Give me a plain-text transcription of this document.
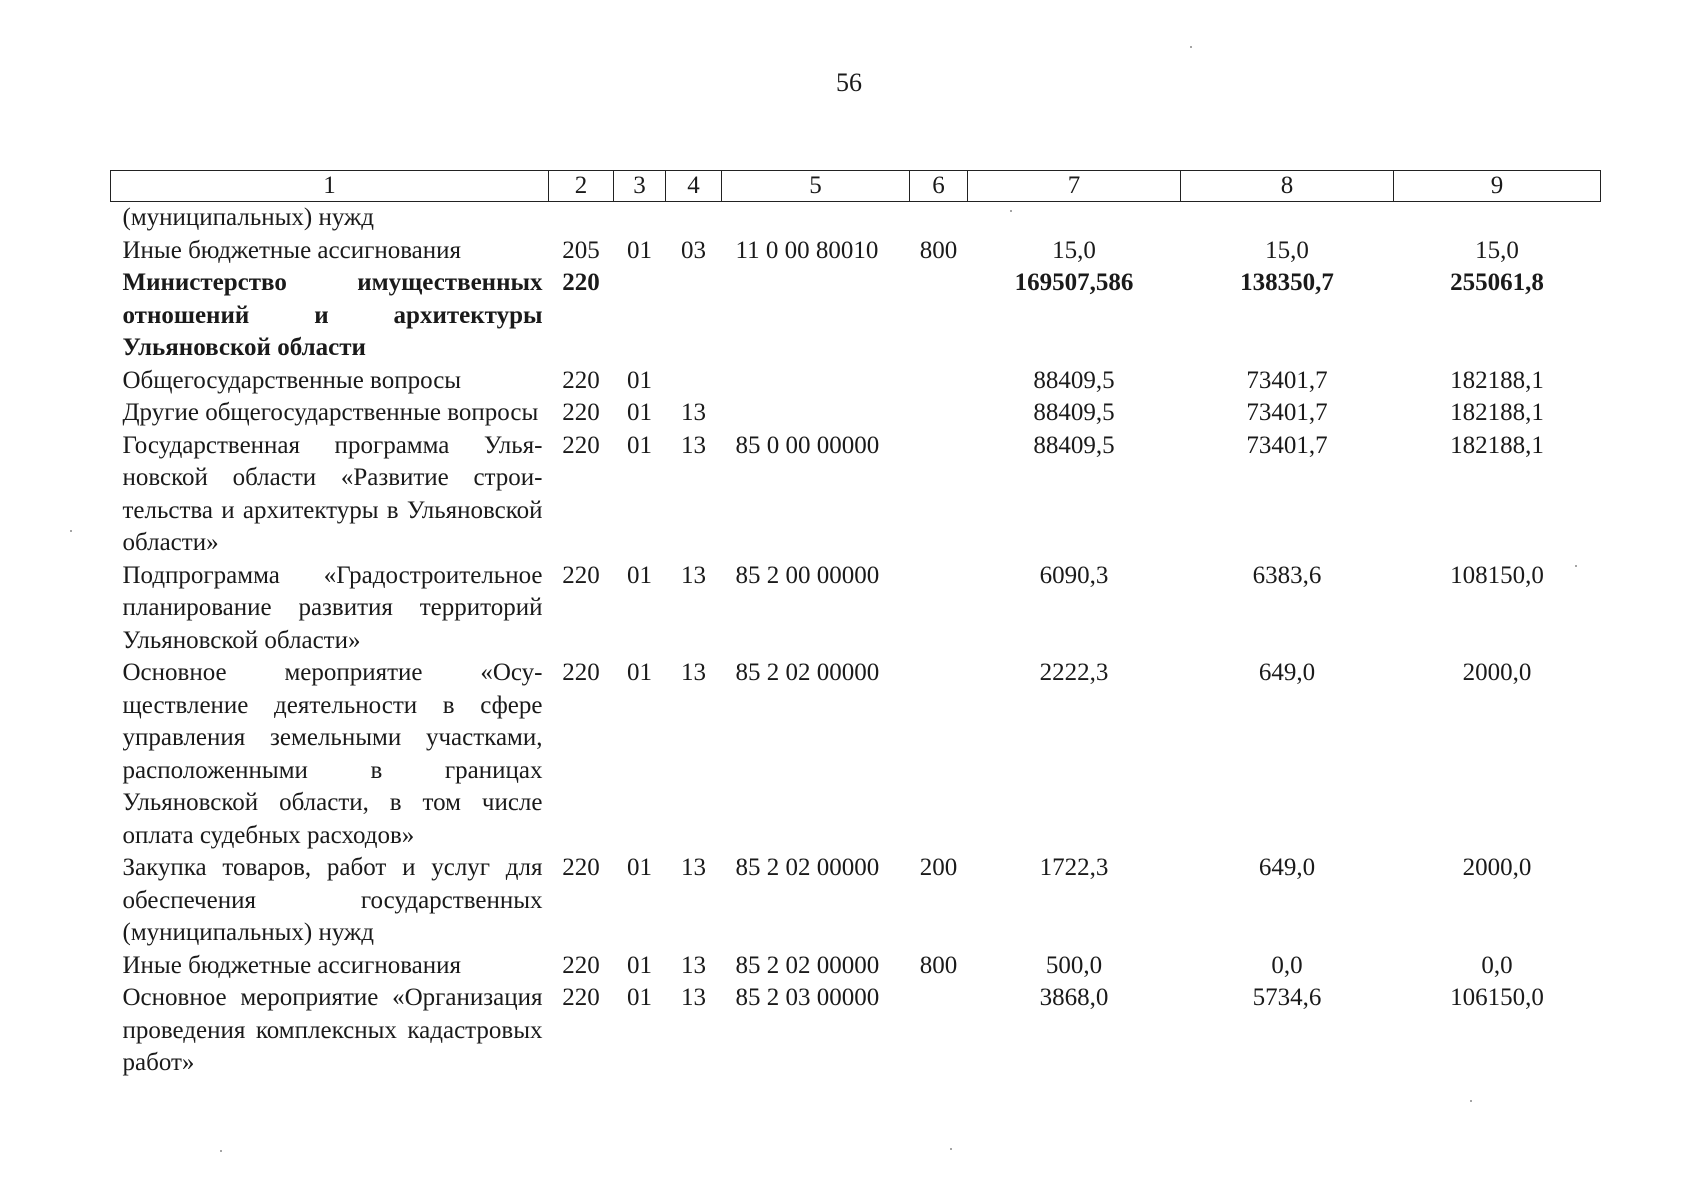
56
1	2	3	4	5	6	7	8	9
(муниципальных) нужд								
Иные бюджетные ассигнования	205	01	03	11 0 00 80010	800	15,0	15,0	15,0
Министерство имущественных отношений и архитектуры Ульяновской области	220					169507,586	138350,7	255061,8
Общегосударственные вопросы	220	01				88409,5	73401,7	182188,1
Другие общегосударственные вопросы	220	01	13			88409,5	73401,7	182188,1
Государственная программа Ульяновской области «Развитие строительства и архитектуры в Ульяновской области»	220	01	13	85 0 00 00000		88409,5	73401,7	182188,1
Подпрограмма «Градостроительное планирование развития территорий Ульяновской области»	220	01	13	85 2 00 00000		6090,3	6383,6	108150,0
Основное мероприятие «Осуществление деятельности в сфере управления земельными участками, расположенными в границах Ульяновской области, в том числе оплата судебных расходов»	220	01	13	85 2 02 00000		2222,3	649,0	2000,0
Закупка товаров, работ и услуг для обеспечения государственных (муниципальных) нужд	220	01	13	85 2 02 00000	200	1722,3	649,0	2000,0
Иные бюджетные ассигнования	220	01	13	85 2 02 00000	800	500,0	0,0	0,0
Основное мероприятие «Организация проведения комплексных кадастровых работ»	220	01	13	85 2 03 00000		3868,0	5734,6	106150,0
